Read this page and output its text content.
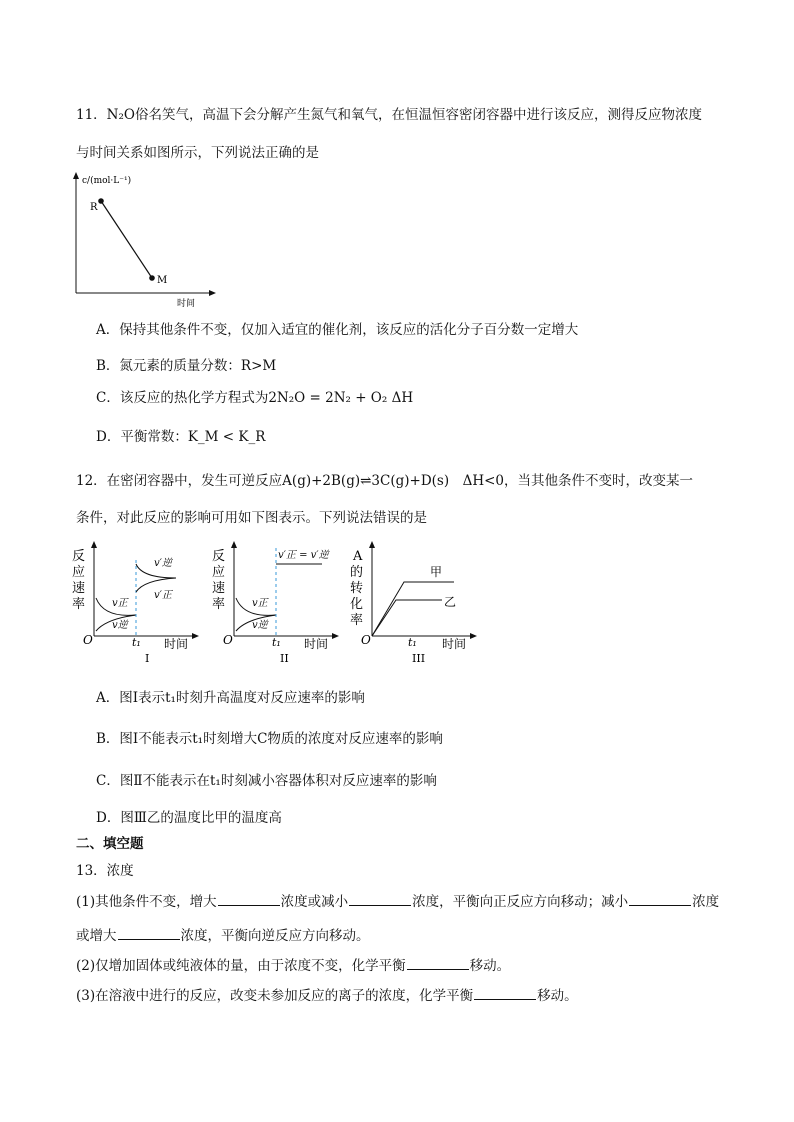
11．N₂O俗名笑气，高温下会分解产生氮气和氧气，在恒温恒容密闭容器中进行该反应，测得反应物浓度
与时间关系如图所示，下列说法正确的是
c/(mol·L⁻¹)
R
M
时间
A．保持其他条件不变，仅加入适宜的催化剂，该反应的活化分子百分数一定增大
B．氮元素的质量分数：R>M
C．该反应的热化学方程式为2N₂O = 2N₂ + O₂ ΔH
D．平衡常数：K_M < K_R
12．在密闭容器中，发生可逆反应A(g)+2B(g)⇌3C(g)+D(s)　ΔH<0，当其他条件不变时，改变某一
条件，对此反应的影响可用如下图表示。下列说法错误的是
反
应
速
率	v正
v逆
v′逆
v′正
O	t₁ 时间
I
反
应
速
率	v正
v逆
v′正 = v′逆
O	t₁ 时间
II
A
的
转
化
率
甲
乙
O	t₁ 时间
III
A．图Ⅰ表示t₁时刻升高温度对反应速率的影响
B．图Ⅰ不能表示t₁时刻增大C物质的浓度对反应速率的影响
C．图Ⅱ不能表示在t₁时刻减小容器体积对反应速率的影响
D．图Ⅲ乙的温度比甲的温度高
二、填空题
13．浓度
(1)其他条件不变，增大	浓度或减小	浓度，平衡向正反应方向移动；减小	浓度
或增大	浓度，平衡向逆反应方向移动。
(2)仅增加固体或纯液体的量，由于浓度不变，化学平衡	移动。
(3)在溶液中进行的反应，改变未参加反应的离子的浓度，化学平衡	移动。
